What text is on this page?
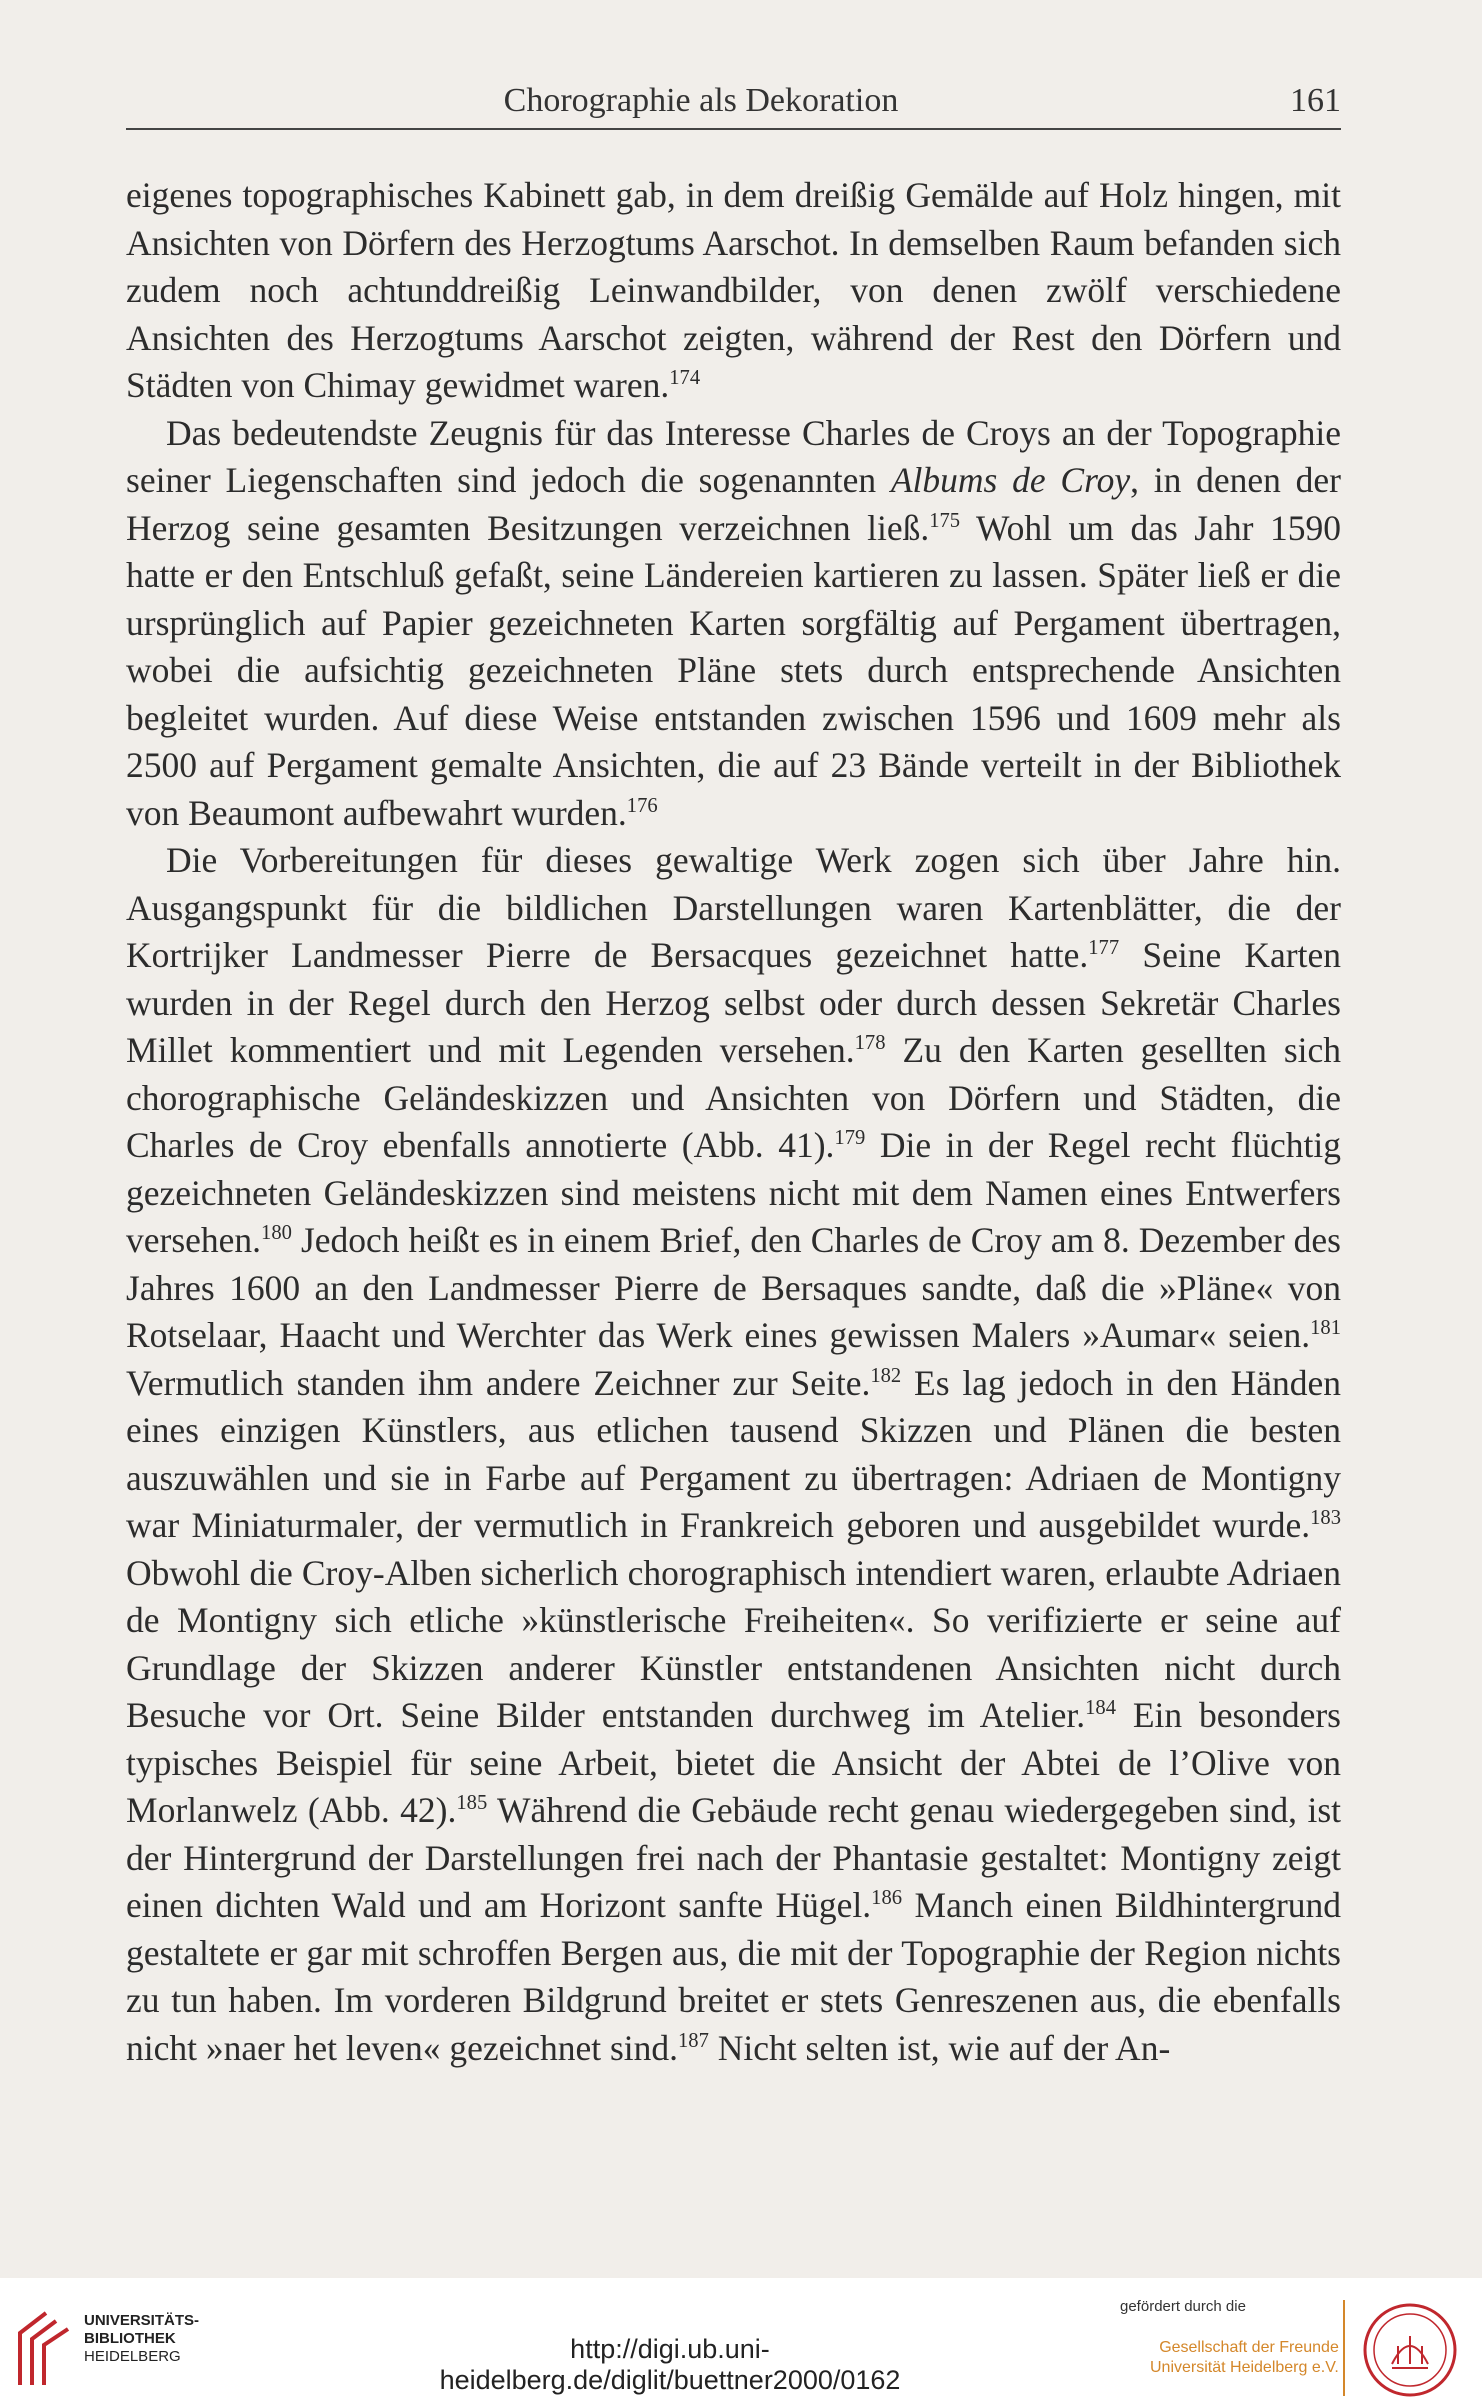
Chorographie als Dekoration	161

eigenes topographisches Kabinett gab, in dem dreißig Gemälde auf Holz hingen, mit Ansichten von Dörfern des Herzogtums Aarschot. In demselben Raum befanden sich zudem noch achtunddreißig Leinwandbilder, von denen zwölf verschiedene Ansichten des Herzogtums Aarschot zeigten, während der Rest den Dörfern und Städten von Chimay gewidmet waren.$^{174}$

Das bedeutendste Zeugnis für das Interesse Charles de Croys an der Topographie seiner Liegenschaften sind jedoch die sogenannten Albums de Croy, in denen der Herzog seine gesamten Besitzungen verzeichnen ließ.$^{175}$ Wohl um das Jahr 1590 hatte er den Entschluß gefaßt, seine Ländereien kartieren zu lassen. Später ließ er die ursprünglich auf Papier gezeichneten Karten sorgfältig auf Pergament übertragen, wobei die aufsichtig gezeichneten Pläne stets durch entsprechende Ansichten begleitet wurden. Auf diese Weise entstanden zwischen 1596 und 1609 mehr als 2500 auf Pergament gemalte Ansichten, die auf 23 Bände verteilt in der Bibliothek von Beaumont aufbewahrt wurden.$^{176}$

Die Vorbereitungen für dieses gewaltige Werk zogen sich über Jahre hin. Ausgangspunkt für die bildlichen Darstellungen waren Kartenblätter, die der Kortrijker Landmesser Pierre de Bersacques gezeichnet hatte.$^{177}$ Seine Karten wurden in der Regel durch den Herzog selbst oder durch dessen Sekretär Charles Millet kommentiert und mit Legenden versehen.$^{178}$ Zu den Karten gesellten sich chorographische Geländeskizzen und Ansichten von Dörfern und Städten, die Charles de Croy ebenfalls annotierte (Abb. 41).$^{179}$ Die in der Regel recht flüchtig gezeichneten Geländeskizzen sind meistens nicht mit dem Namen eines Entwerfers versehen.$^{180}$ Jedoch heißt es in einem Brief, den Charles de Croy am 8. Dezember des Jahres 1600 an den Landmesser Pierre de Bersaques sandte, daß die »Pläne« von Rotselaar, Haacht und Werchter das Werk eines gewissen Malers »Aumar« seien.$^{181}$ Vermutlich standen ihm andere Zeichner zur Seite.$^{182}$ Es lag jedoch in den Händen eines einzigen Künstlers, aus etlichen tausend Skizzen und Plänen die besten auszuwählen und sie in Farbe auf Pergament zu übertragen: Adriaen de Montigny war Miniaturmaler, der vermutlich in Frankreich geboren und ausgebildet wurde.$^{183}$ Obwohl die Croy-Alben sicherlich chorographisch intendiert waren, erlaubte Adriaen de Montigny sich etliche »künstlerische Freiheiten«. So verifizierte er seine auf Grundlage der Skizzen anderer Künstler entstandenen Ansichten nicht durch Besuche vor Ort. Seine Bilder entstanden durchweg im Atelier.$^{184}$ Ein besonders typisches Beispiel für seine Arbeit, bietet die Ansicht der Abtei de l’Olive von Morlanwelz (Abb. 42).$^{185}$ Während die Gebäude recht genau wiedergegeben sind, ist der Hintergrund der Darstellungen frei nach der Phantasie gestaltet: Montigny zeigt einen dichten Wald und am Horizont sanfte Hügel.$^{186}$ Manch einen Bildhintergrund gestaltete er gar mit schroffen Bergen aus, die mit der Topographie der Region nichts zu tun haben. Im vorderen Bildgrund breitet er stets Genreszenen aus, die ebenfalls nicht »naer het leven« gezeichnet sind.$^{187}$ Nicht selten ist, wie auf der An-

UNIVERSITÄTS-
BIBLIOTHEK
HEIDELBERG	http://digi.ub.uni-heidelberg.de/diglit/buettner2000/0162
gefördert durch die
Gesellschaft der Freunde
Universität Heidelberg e.V.
